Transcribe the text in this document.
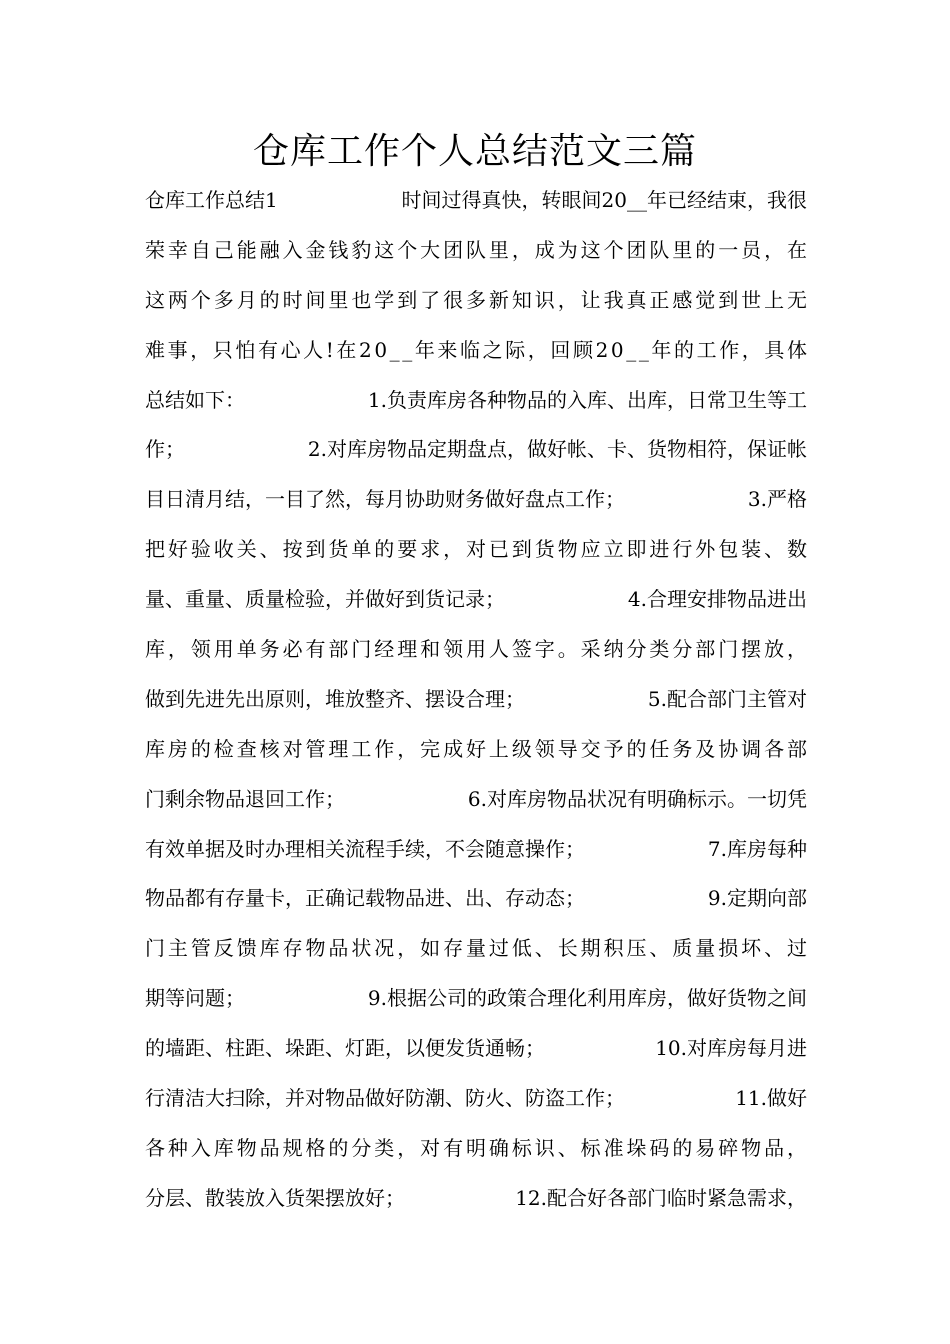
仓库工作个人总结范文三篇
仓库工作总结1	时间过得真快，转眼间20__年已经结束，我很
荣幸自己能融入金钱豹这个大团队里，成为这个团队里的一员，在
这两个多月的时间里也学到了很多新知识，让我真正感觉到世上无
难事，只怕有心人!在20__年来临之际，回顾20__年的工作，具体
总结如下：	1.负责库房各种物品的入库、出库，日常卫生等工
作；	2.对库房物品定期盘点，做好帐、卡、货物相符，保证帐
目日清月结，一目了然，每月协助财务做好盘点工作；	3.严格
把好验收关、按到货单的要求，对已到货物应立即进行外包装、数
量、重量、质量检验，并做好到货记录；	4.合理安排物品进出
库，领用单务必有部门经理和领用人签字。采纳分类分部门摆放，
做到先进先出原则，堆放整齐、摆设合理；	5.配合部门主管对
库房的检查核对管理工作，完成好上级领导交予的任务及协调各部
门剩余物品退回工作；	6.对库房物品状况有明确标示。一切凭
有效单据及时办理相关流程手续，不会随意操作；	7.库房每种
物品都有存量卡，正确记载物品进、出、存动态；	9.定期向部
门主管反馈库存物品状况，如存量过低、长期积压、质量损坏、过
期等问题；	9.根据公司的政策合理化利用库房，做好货物之间
的墙距、柱距、垛距、灯距，以便发货通畅；	10.对库房每月进
行清洁大扫除，并对物品做好防潮、防火、防盗工作；	11.做好
各种入库物品规格的分类，对有明确标识、标准垛码的易碎物品，
分层、散装放入货架摆放好；	12.配合好各部门临时紧急需求，
